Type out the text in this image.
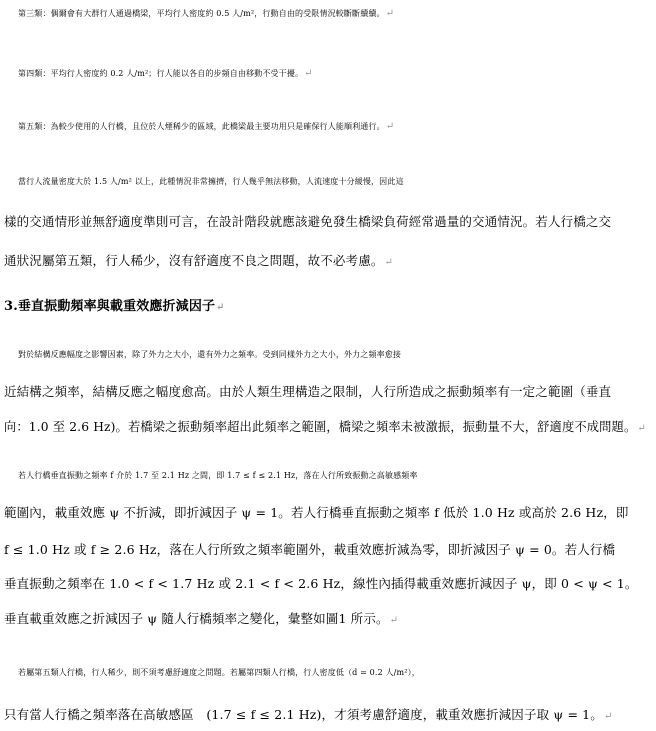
第三類：偶爾會有大群行人通過橋梁，平均行人密度約 0.5 人/m²，行動自由的受限情況較斷斷續續。↵
第四類：平均行人密度約 0.2 人/m²；行人能以各自的步頻自由移動不受干擾。↵
第五類：為較少使用的人行橋，且位於人煙稀少的區域，此橋梁最主要功用只是確保行人能順利通行。↵
當行人流量密度大於 1.5 人/m² 以上，此種情況非常擁擠，行人幾乎無法移動，人流速度十分緩慢，因此這
樣的交通情形並無舒適度準則可言，在設計階段就應該避免發生橋梁負荷經常過量的交通情況。若人行橋之交
通狀況屬第五類，行人稀少，沒有舒適度不良之問題，故不必考慮。↵
3.垂直振動頻率與載重效應折減因子↵
對於結構反應幅度之影響因素，除了外力之大小，還有外力之頻率。受到同樣外力之大小，外力之頻率愈接
近結構之頻率，結構反應之幅度愈高。由於人類生理構造之限制，人行所造成之振動頻率有一定之範圍（垂直
向：1.0 至 2.6 Hz)。若橋梁之振動頻率超出此頻率之範圍，橋梁之頻率未被激振，振動量不大，舒適度不成問題。↵
若人行橋垂直振動之頻率 f 介於 1.7 至 2.1 Hz 之間，即 1.7 ≤ f ≤ 2.1 Hz，落在人行所致振動之高敏感頻率
範圍內，載重效應 ψ 不折減，即折減因子 ψ = 1。若人行橋垂直振動之頻率 f 低於 1.0 Hz 或高於 2.6 Hz，即
f ≤ 1.0 Hz 或 f ≥ 2.6 Hz，落在人行所致之頻率範圍外，載重效應折減為零，即折減因子 ψ = 0。若人行橋
垂直振動之頻率在 1.0 < f < 1.7 Hz 或 2.1 < f < 2.6 Hz，線性內插得載重效應折減因子 ψ，即 0 < ψ < 1。
垂直載重效應之折減因子 ψ 隨人行橋頻率之變化，彙整如圖1 所示。↵
若屬第五類人行橋，行人稀少，則不須考慮舒適度之問題。若屬第四類人行橋，行人密度低（d = 0.2 人/m²），
只有當人行橋之頻率落在高敏感區　(1.7 ≤ f ≤ 2.1 Hz)，才須考慮舒適度，載重效應折減因子取 ψ = 1。↵
